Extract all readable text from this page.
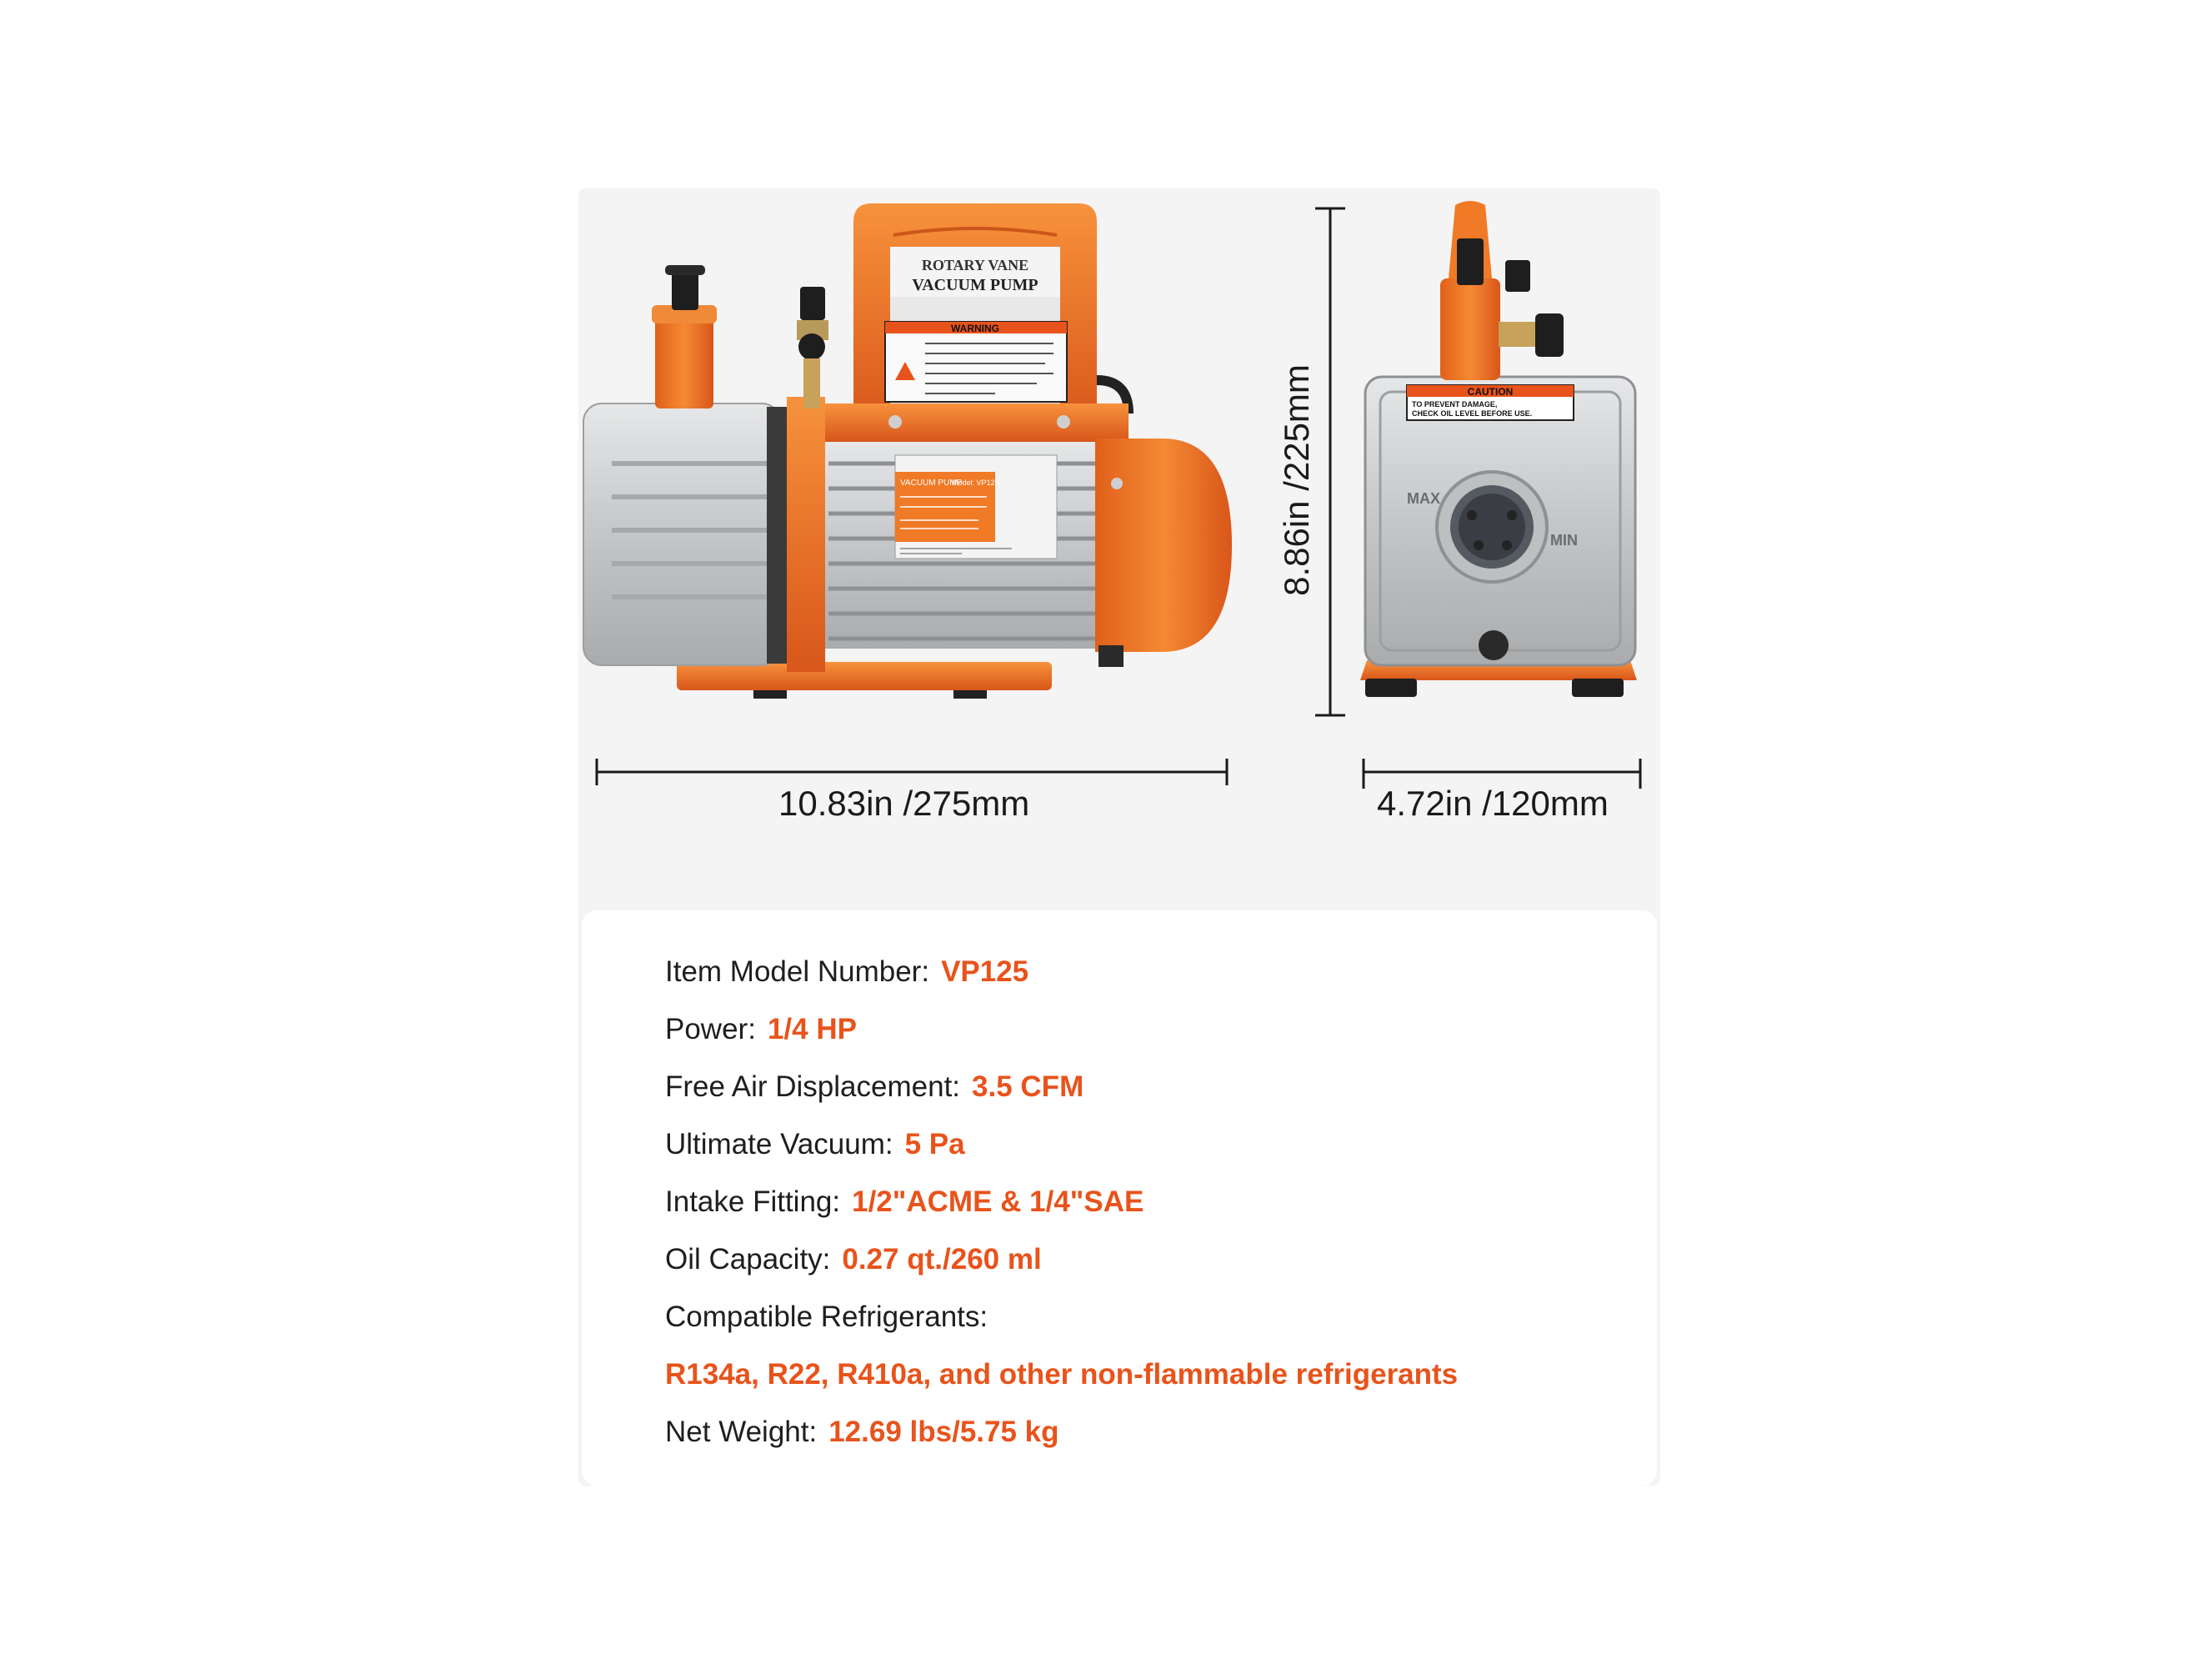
ROTARY VANE
VACUUM PUMP
WARNING
VACUUM PUMP
Model: VP125
CAUTION
TO PREVENT DAMAGE,
CHECK OIL LEVEL BEFORE USE.
MAX
MIN
10.83in /275mm	4.72in /120mm
8.86in /225mm
Item Model Number: VP125
Power: 1/4 HP
Free Air Displacement: 3.5 CFM
Ultimate Vacuum: 5 Pa
Intake Fitting: 1/2"ACME & 1/4"SAE
Oil Capacity: 0.27 qt./260 ml
Compatible Refrigerants:
R134a, R22, R410a, and other non-flammable refrigerants
Net Weight: 12.69 lbs/5.75 kg
